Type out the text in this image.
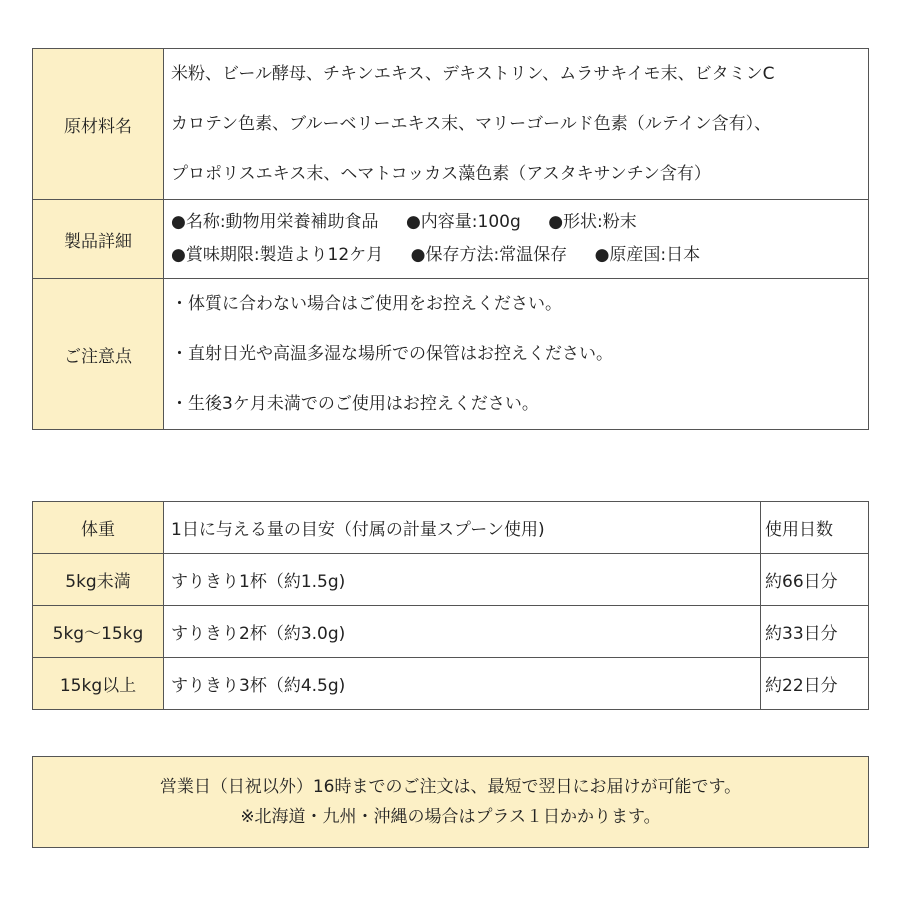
原材料名	米粉、ビール酵母、チキンエキス、デキストリン、ムラサキイモ末、ビタミンC
カロテン色素、ブルーベリーエキス末、マリーゴールド色素（ルテイン含有）、
プロポリスエキス末、ヘマトコッカス藻色素（アスタキサンチン含有）

製品詳細	●名称:動物用栄養補助食品 ●内容量:100g ●形状:粉末
●賞味期限:製造より12ケ月 ●保存方法:常温保存 ●原産国:日本

ご注意点	・体質に合わない場合はご使用をお控えください。
・直射日光や高温多湿な場所での保管はお控えください。
・生後3ケ月未満でのご使用はお控えください。
体重	1日に与える量の目安（付属の計量スプーン使用)	使用日数
5kg未満	すりきり1杯（約1.5g)	約66日分
5kg～15kg	すりきり2杯（約3.0g)	約33日分
15kg以上	すりきり3杯（約4.5g)	約22日分
営業日（日祝以外）16時までのご注文は、最短で翌日にお届けが可能です。
※北海道・九州・沖縄の場合はプラス１日かかります。
